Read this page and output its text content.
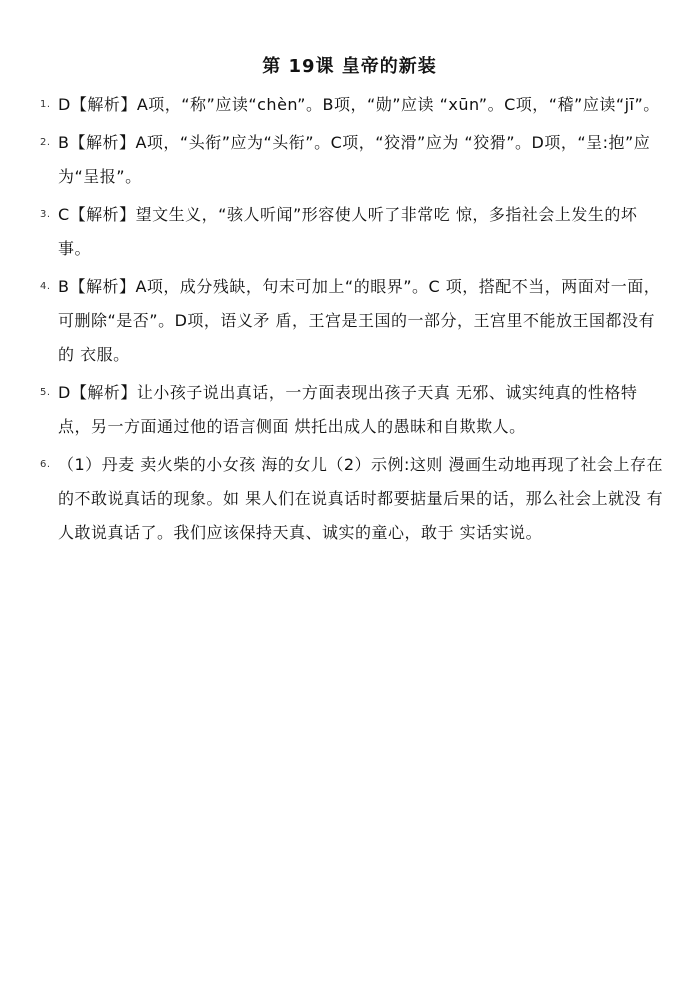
第 19课 皇帝的新装
1. D【解析】A项，“称”应读“chèn”。B项，“勋”应读 “xūn”。C项，“稽”应读“jī”。
2. B【解析】A项，“头衔”应为“头衔”。C项，“狡滑”应为 “狡猾”。D项，“呈:抱”应为“呈报”。
3. C【解析】望文生义，“骇人听闻”形容使人听了非常吃 惊，多指社会上发生的坏事。
4. B【解析】A项，成分残缺，句末可加上“的眼界”。C 项，搭配不当，两面对一面，可删除“是否”。D项，语义矛 盾，王宫是王国的一部分，王宫里不能放王国都没有的 衣服。
5. D【解析】让小孩子说出真话，一方面表现出孩子天真 无邪、诚实纯真的性格特点，另一方面通过他的语言侧面 烘托出成人的愚昧和自欺欺人。
6. （1）丹麦 卖火柴的小女孩 海的女儿（2）示例:这则 漫画生动地再现了社会上存在的不敢说真话的现象。如 果人们在说真话时都要掂量后果的话，那么社会上就没 有人敢说真话了。我们应该保持天真、诚实的童心，敢于 实话实说。
